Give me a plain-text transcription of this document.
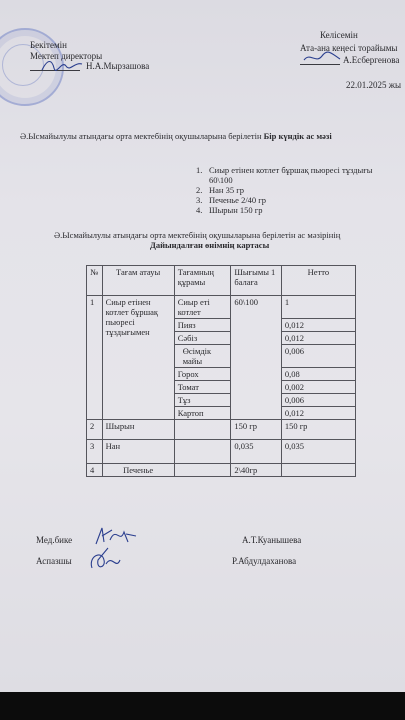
Бекітемін
Мектеп директоры
Н.А.Мырзашова
Келісемін
Ата-ана кеңесі торайымы
А.Есбергенова
22.01.2025 жы
Ә.Ысмайылулы атындағы орта мектебінің оқушыларына берілетін Бір күндік ас мәзі
1. Сиыр етінен котлет бұршақ пьюресі тұздығы
60\100
2. Нан 35 гр
3. Печенье 2/40 гр
4. Шырын 150 гр
Ә.Ысмайылулы атындағы орта мектебінің оқушыларына берілетін ас мәзірінің
Дайындалған өнімнің картасы
№	Тағам атауы	Тағамның құрамы	Шығымы 1 балаға	Нетто
1	Сиыр етінен котлет бұршақ пьюресі тұздығымен	Сиыр еті котлет	60\100	1
		Пияз		0,012
		Сәбіз		0,012
		Өсімдік майы		0,006
		Горох		0,08
		Томат		0,002
		Тұз		0,006
		Картоп		0,012
2	Шырын		150 гр	150 гр
3	Нан		0,035	0,035
4	Печенье		2\40гр	
Мед.бике	А.Т.Куанышева
Аспазшы	Р.Абдулдаханова
